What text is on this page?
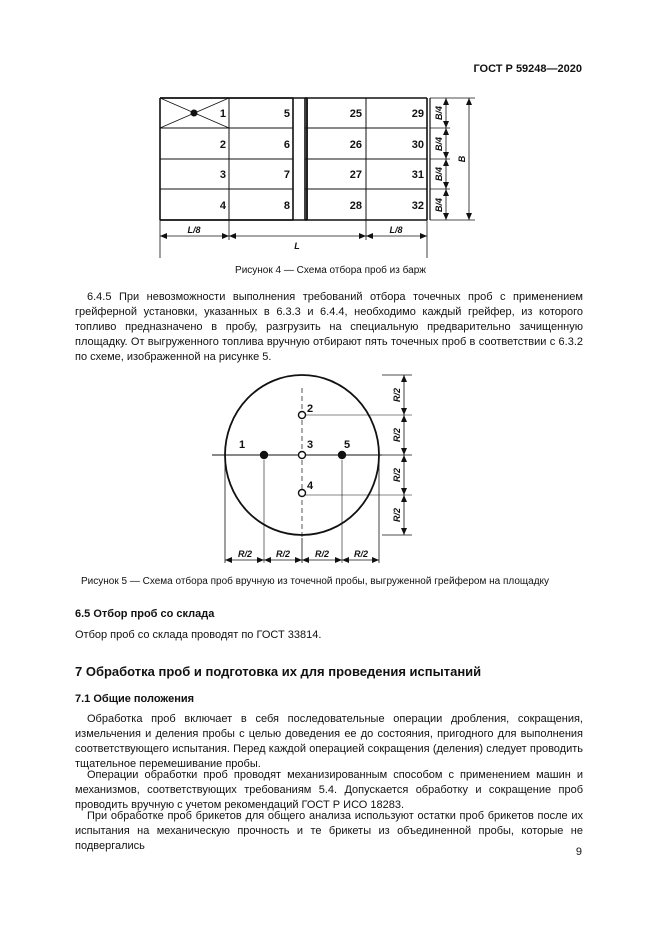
ГОСТ Р 59248—2020
1	5	25	29
2	6	26	30
3	7	27	31
4	8	28	32
B/4
B/4
B/4
B/4
B
L/8
L
L/8
Рисунок 4 — Схема отбора проб из барж

6.4.5 При невозможности выполнения требований отбора точечных проб с применением грейферной установки, указанных в 6.3.3 и 6.4.4, необходимо каждый грейфер, из которого топливо предназначено в пробу, разгрузить на специальную предварительно зачищенную площадку. От выгруженного топлива вручную отбирают пять точечных проб в соответствии с 6.3.2 по схеме, изображенной на рисунке 5.

1
2
3
4
5
R/2
R/2
R/2
R/2
R/2	R/2	R/2	R/2
Рисунок 5 — Схема отбора проб вручную из точечной пробы, выгруженной грейфером на площадку
6.5 Отбор проб со склада

Отбор проб со склада проводят по ГОСТ 33814.

7 Обработка проб и подготовка их для проведения испытаний
7.1 Общие положения

Обработка проб включает в себя последовательные операции дробления, сокращения, измельчения и деления пробы с целью доведения ее до состояния, пригодного для выполнения соответствующего испытания. Перед каждой операцией сокращения (деления) следует проводить тщательное перемешивание пробы.

Операции обработки проб проводят механизированным способом с применением машин и механизмов, соответствующих требованиям 5.4. Допускается обработку и сокращение проб проводить вручную с учетом рекомендаций ГОСТ Р ИСО 18283.

При обработке проб брикетов для общего анализа используют остатки проб брикетов после их испытания на механическую прочность и те брикеты из объединенной пробы, которые не подвергались	9
